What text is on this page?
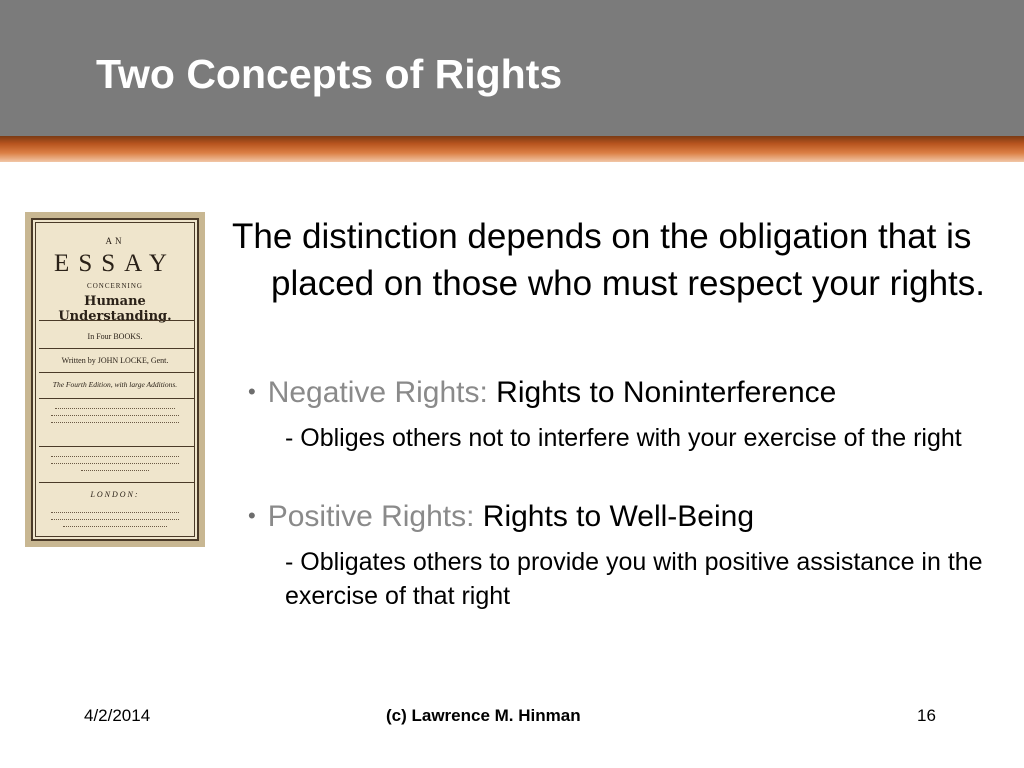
Two Concepts of Rights
AN
ESSAY
CONCERNING
Humane Understanding.
In Four BOOKS.
Written by JOHN LOCKE, Gent.
The Fourth Edition, with large Additions.
LONDON:

The distinction depends on the obligation that is placed on those who must respect your rights.

• Negative Rights: Rights to Noninterference
- Obliges others not to interfere with your exercise of the right
• Positive Rights: Rights to Well-Being
- Obligates others to provide you with positive assistance in the exercise of that right
4/2/2014	(c) Lawrence M. Hinman	16
